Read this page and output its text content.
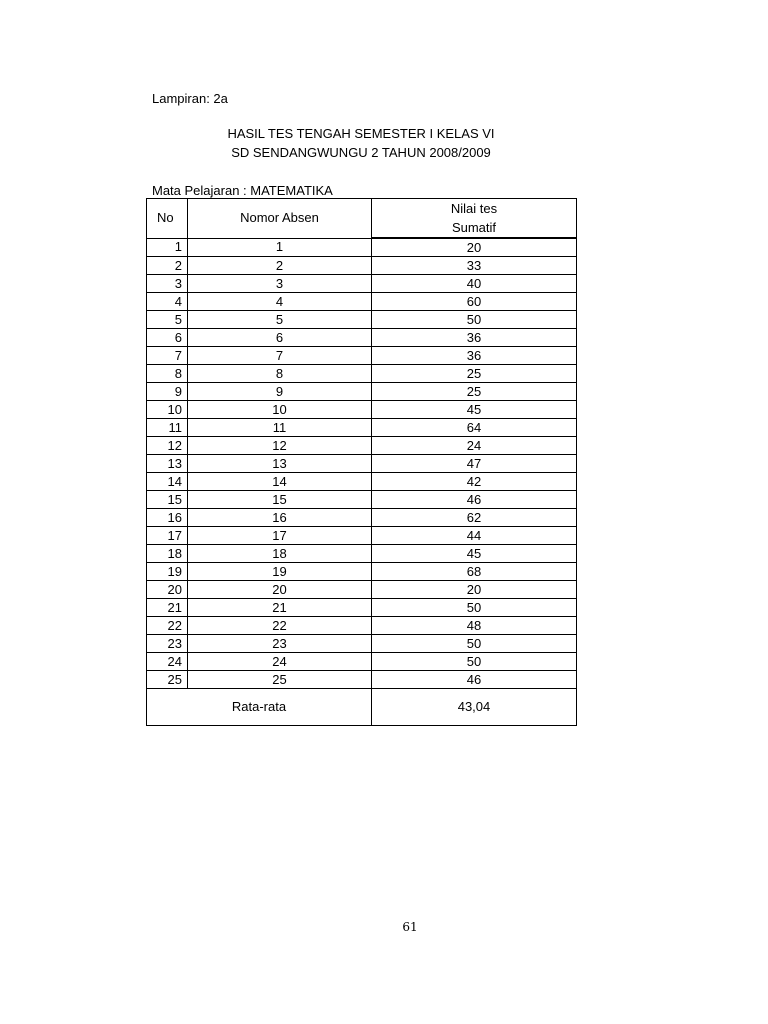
Lampiran: 2a
HASIL TES TENGAH SEMESTER I KELAS VI
SD SENDANGWUNGU 2 TAHUN 2008/2009
Mata Pelajaran : MATEMATIKA
No	Nomor Absen	Nilai tes
Sumatif
1	1	20
2	2	33
3	3	40
4	4	60
5	5	50
6	6	36
7	7	36
8	8	25
9	9	25
10	10	45
11	11	64
12	12	24
13	13	47
14	14	42
15	15	46
16	16	62
17	17	44
18	18	45
19	19	68
20	20	20
21	21	50
22	22	48
23	23	50
24	24	50
25	25	46
Rata-rata		43,04
61
